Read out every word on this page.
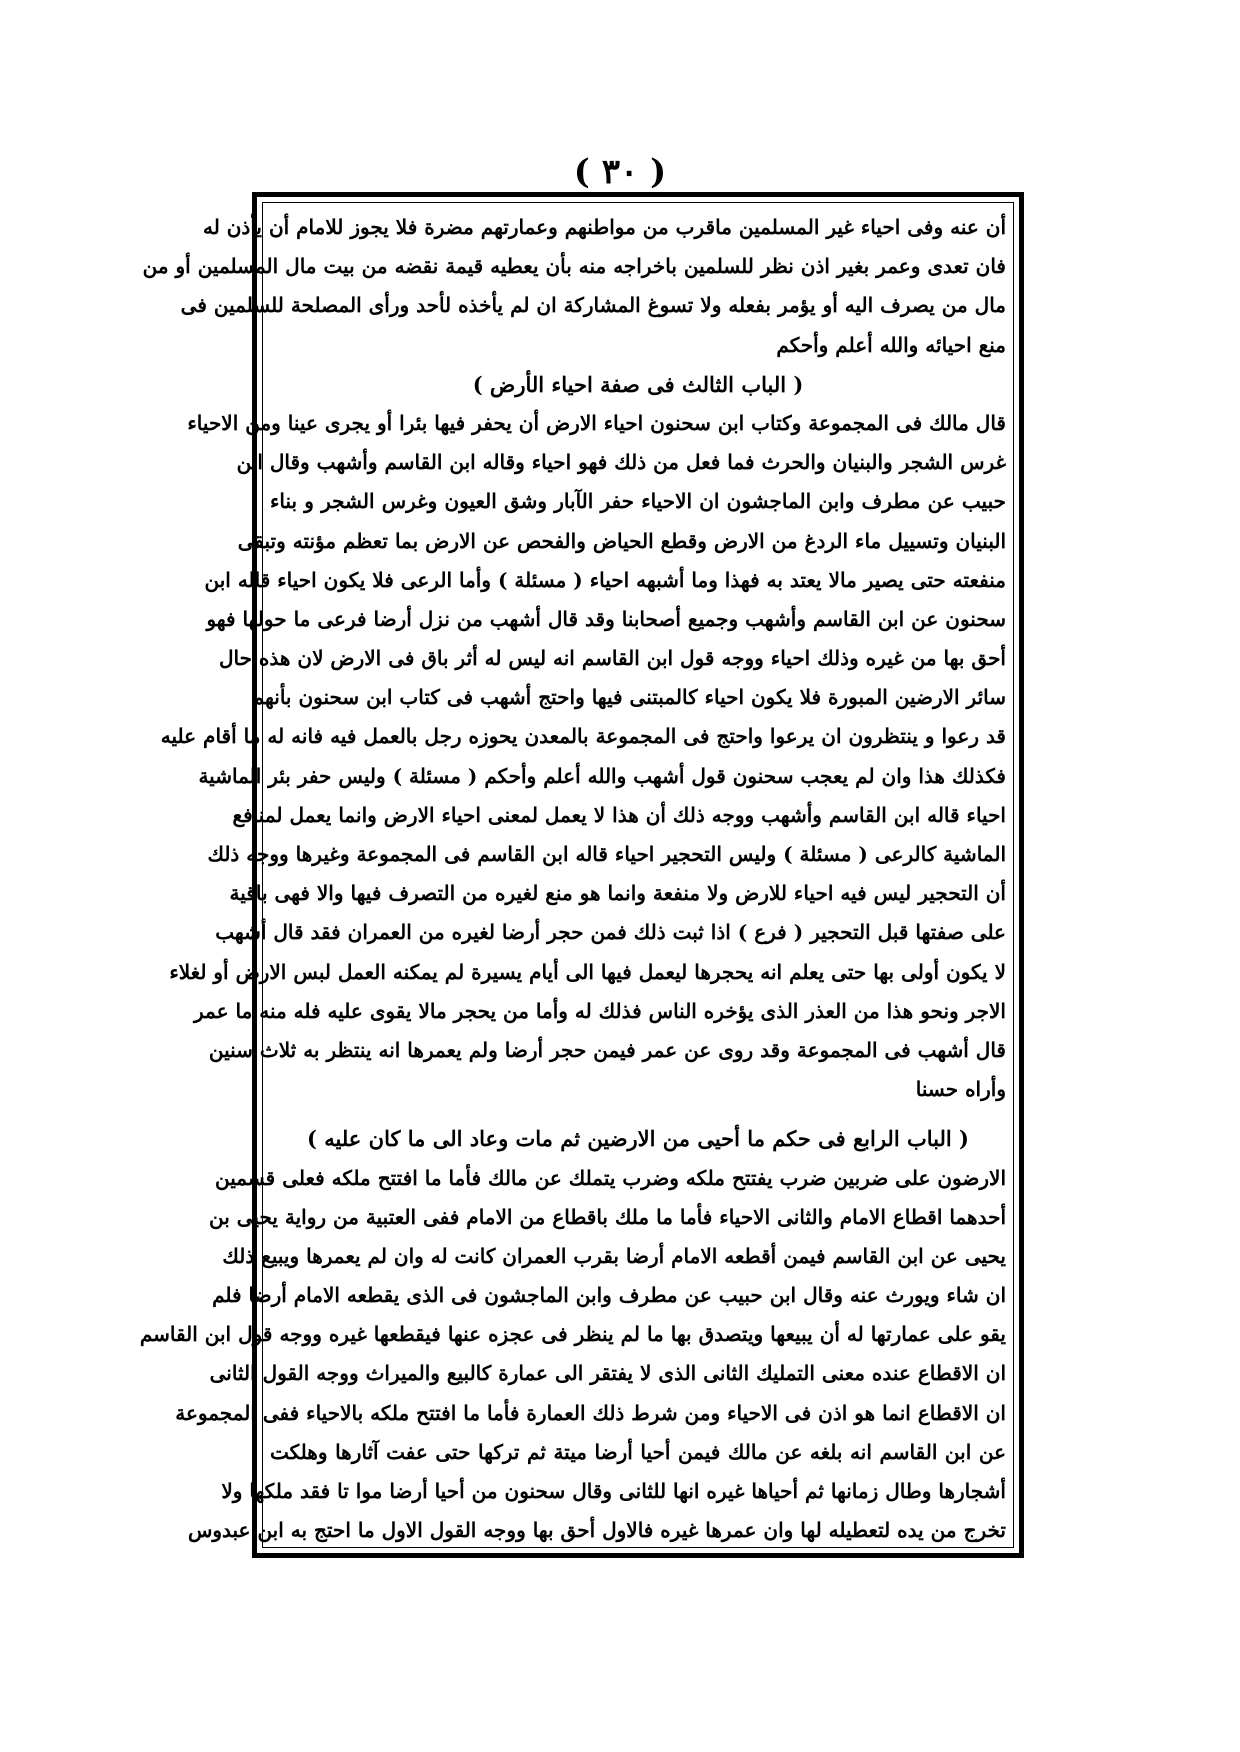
( ٣٠ )
أن عنه وفى احياء غير المسلمين ماقرب من مواطنهم وعمارتهم مضرة فلا يجوز للامام أن يأذن له
فان تعدى وعمر بغير اذن نظر للسلمين باخراجه منه بأن يعطيه قيمة نقضه من بيت مال المسلمين أو من
مال من يصرف اليه أو يؤمر بفعله ولا تسوغ المشاركة ان لم يأخذه لأحد ورأى المصلحة للسلمين فى
منع احيائه والله أعلم وأحكم
( الباب الثالث فى صفة احياء الأرض )
قال مالك فى المجموعة وكتاب ابن سحنون احياء الارض أن يحفر فيها بئرا أو يجرى عينا ومن الاحياء
غرس الشجر والبنيان والحرث فما فعل من ذلك فهو احياء وقاله ابن القاسم وأشهب وقال ابن
حبيب عن مطرف وابن الماجشون ان الاحياء حفر الآبار وشق العيون وغرس الشجر و بناء
البنيان وتسييل ماء الردغ من الارض وقطع الحياض والفحص عن الارض بما تعظم مؤنته وتبقى
منفعته حتى يصير مالا يعتد به فهذا وما أشبهه احياء ( مسئلة ) وأما الرعى فلا يكون احياء قاله ابن
سحنون عن ابن القاسم وأشهب وجميع أصحابنا وقد قال أشهب من نزل أرضا فرعى ما حولها فهو
أحق بها من غيره وذلك احياء ووجه قول ابن القاسم انه ليس له أثر باق فى الارض لان هذه حال
سائر الارضين المبورة فلا يكون احياء كالمبتنى فيها واحتج أشهب فى كتاب ابن سحنون بأنهم
قد رعوا و ينتظرون ان يرعوا واحتج فى المجموعة بالمعدن يحوزه رجل بالعمل فيه فانه له ما أقام عليه
فكذلك هذا وان لم يعجب سحنون قول أشهب والله أعلم وأحكم ( مسئلة ) وليس حفر بئر الماشية
احياء قاله ابن القاسم وأشهب ووجه ذلك أن هذا لا يعمل لمعنى احياء الارض وانما يعمل لمنافع
الماشية كالرعى ( مسئلة ) وليس التحجير احياء قاله ابن القاسم فى المجموعة وغيرها ووجه ذلك
أن التحجير ليس فيه احياء للارض ولا منفعة وانما هو منع لغيره من التصرف فيها والا فهى باقية
على صفتها قبل التحجير ( فرع ) اذا ثبت ذلك فمن حجر أرضا لغيره من العمران فقد قال أشهب
لا يكون أولى بها حتى يعلم انه يحجرها ليعمل فيها الى أيام يسيرة لم يمكنه العمل لبس الارض أو لغلاء
الاجر ونحو هذا من العذر الذى يؤخره الناس فذلك له وأما من يحجر مالا يقوى عليه فله منه ما عمر
قال أشهب فى المجموعة وقد روى عن عمر فيمن حجر أرضا ولم يعمرها انه ينتظر به ثلاث سنين
وأراه حسنا
( الباب الرابع فى حكم ما أحيى من الارضين ثم مات وعاد الى ما كان عليه )
الارضون على ضربين ضرب يفتتح ملكه وضرب يتملك عن مالك فأما ما افتتح ملكه فعلى قسمين
أحدهما اقطاع الامام والثانى الاحياء فأما ما ملك باقطاع من الامام ففى العتبية من رواية يحيى بن
يحيى عن ابن القاسم فيمن أقطعه الامام أرضا بقرب العمران كانت له وان لم يعمرها ويبيع ذلك
ان شاء ويورث عنه وقال ابن حبيب عن مطرف وابن الماجشون فى الذى يقطعه الامام أرضا فلم
يقو على عمارتها له أن يبيعها ويتصدق بها ما لم ينظر فى عجزه عنها فيقطعها غيره ووجه قول ابن القاسم
ان الاقطاع عنده معنى التمليك الثانى الذى لا يفتقر الى عمارة كالبيع والميراث ووجه القول الثانى
ان الاقطاع انما هو اذن فى الاحياء ومن شرط ذلك العمارة فأما ما افتتح ملكه بالاحياء ففى المجموعة
عن ابن القاسم انه بلغه عن مالك فيمن أحيا أرضا ميتة ثم تركها حتى عفت آثارها وهلكت
أشجارها وطال زمانها ثم أحياها غيره انها للثانى وقال سحنون من أحيا أرضا موا تا فقد ملكها ولا
تخرج من يده لتعطيله لها وان عمرها غيره فالاول أحق بها ووجه القول الاول ما احتج به ابن عبدوس
